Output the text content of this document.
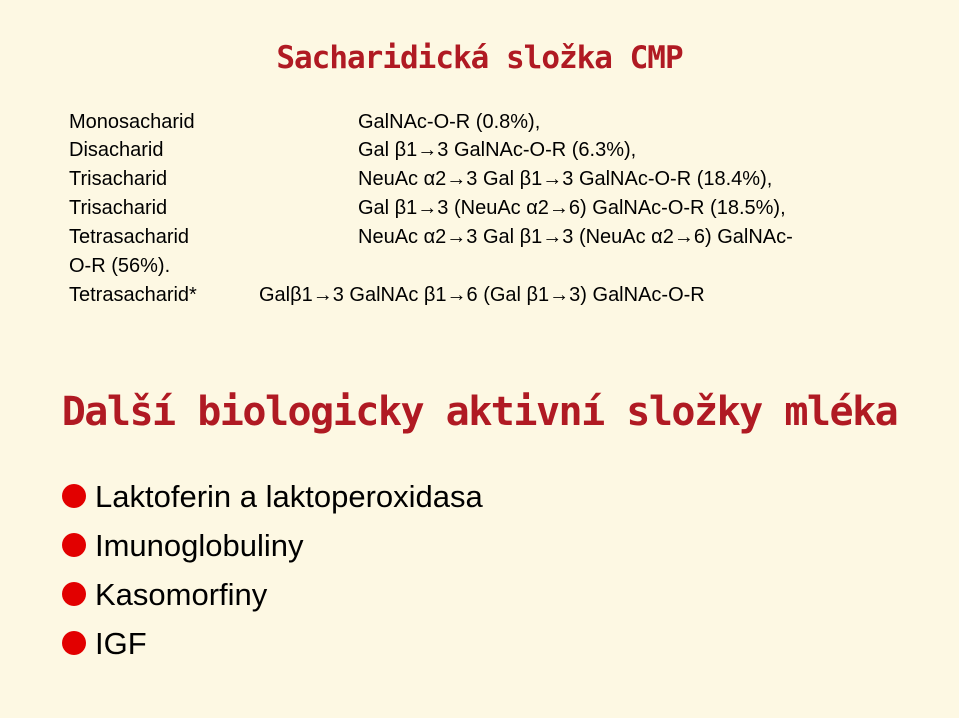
Sacharidická složka CMP
Monosacharid	GalNAc-O-R (0.8%),
Disacharid	Gal β1→3 GalNAc-O-R (6.3%),
Trisacharid	NeuAc α2→3 Gal β1→3 GalNAc-O-R (18.4%),
Trisacharid	Gal β1→3 (NeuAc α2→6) GalNAc-O-R (18.5%),
Tetrasacharid	NeuAc α2→3 Gal β1→3 (NeuAc α2→6) GalNAc-
O-R (56%).
Tetrasacharid*	Galβ1→3 GalNAc β1→6 (Gal β1→3) GalNAc-O-R
Další biologicky aktivní složky mléka
Laktoferin a laktoperoxidasa
Imunoglobuliny
Kasomorfiny
IGF
